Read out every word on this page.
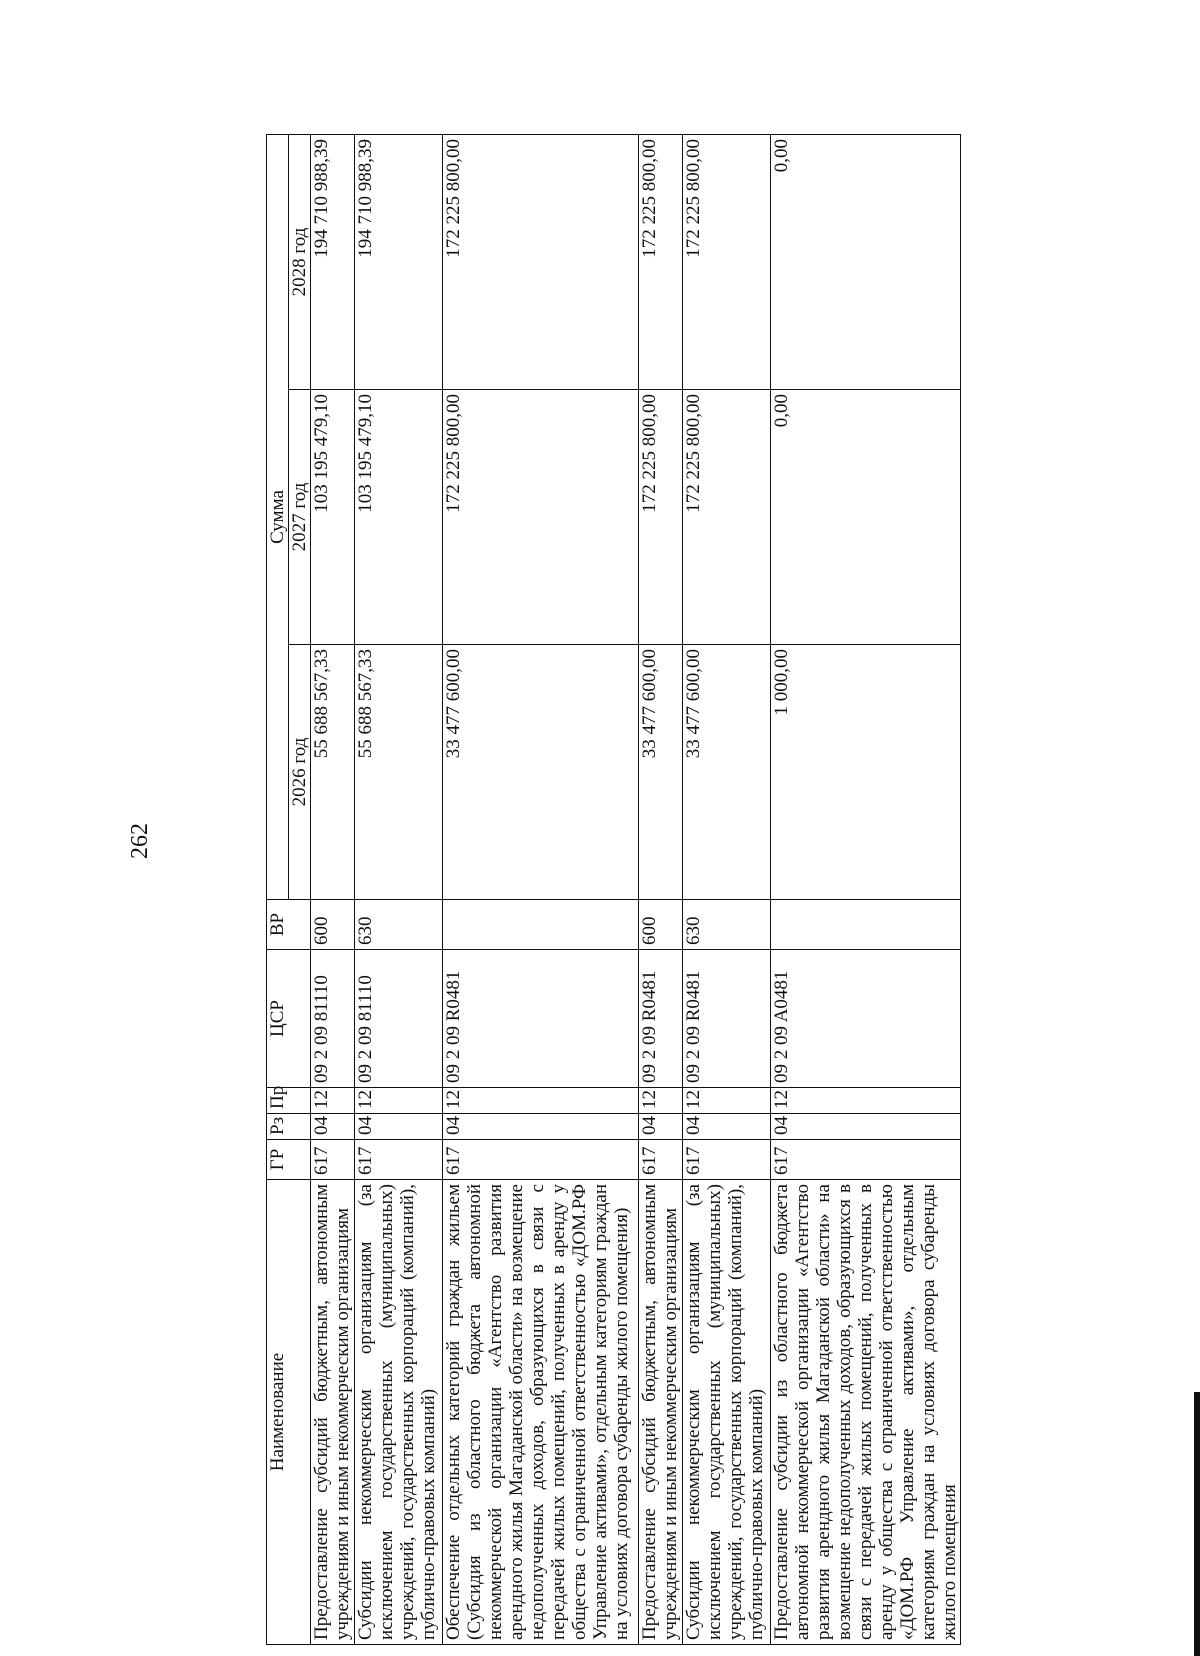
262
Наименование	ГР	Рз	Пр	ЦСР	ВР	Сумма		
						2026 год	2027 год	2028 год
Предоставление субсидий бюджетным, автономным учреждениям и иным некоммерческим организациям	617	04	12	09 2 09 81110	600	55 688 567,33	103 195 479,10	194 710 988,39
Субсидии некоммерческим организациям (за исключением государственных (муниципальных) учреждений, государственных корпораций (компаний), публично-правовых компаний)	617	04	12	09 2 09 81110	630	55 688 567,33	103 195 479,10	194 710 988,39
Обеспечение отдельных категорий граждан жильем (Субсидия из областного бюджета автономной некоммерческой организации «Агентство развития арендного жилья Магаданской области» на возмещение недополученных доходов, образующихся в связи с передачей жилых помещений, полученных в аренду у общества с ограниченной ответственностью «ДОМ.РФ Управление активами», отдельным категориям граждан на условиях договора субаренды жилого помещения)	617	04	12	09 2 09 R0481		33 477 600,00	172 225 800,00	172 225 800,00
Предоставление субсидий бюджетным, автономным учреждениям и иным некоммерческим организациям	617	04	12	09 2 09 R0481	600	33 477 600,00	172 225 800,00	172 225 800,00
Субсидии некоммерческим организациям (за исключением государственных (муниципальных) учреждений, государственных корпораций (компаний), публично-правовых компаний)	617	04	12	09 2 09 R0481	630	33 477 600,00	172 225 800,00	172 225 800,00
Предоставление субсидии из областного бюджета автономной некоммерческой организации «Агентство развития арендного жилья Магаданской области» на возмещение недополученных доходов, образующихся в связи с передачей жилых помещений, полученных в аренду у общества с ограниченной ответственностью «ДОМ.РФ Управление активами», отдельным категориям граждан на условиях договора субаренды жилого помещения	617	04	12	09 2 09 A0481		1 000,00	0,00	0,00
